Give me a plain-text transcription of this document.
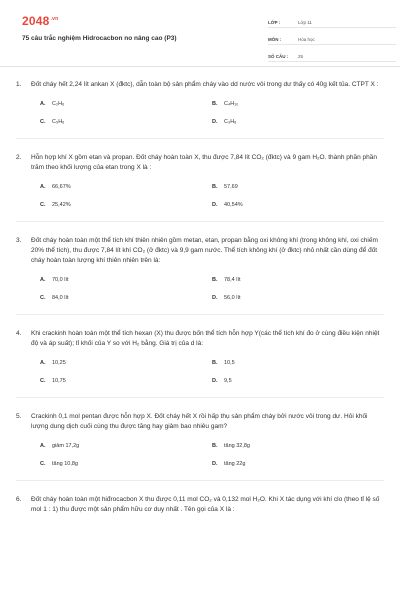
$2048^{.vn}$
75 câu trắc nghiệm Hidrocacbon no nâng cao (P3)
LỚP :	Lớp 11
MÔN :	Hóa học
SỐ CÂU :	25
1.	Đốt cháy hết 2,24 lít ankan X (đktc), dẫn toàn bộ sản phẩm cháy vào dd nước vôi trong dư thấy có 40g kết tủa. CTPT X :
A.	C₂H₆	B.	C₄H₁₀
C.	C₅H₆	D.	C₃H₈
2.	Hỗn hợp khí X gồm etan và propan. Đốt cháy hoàn toàn X, thu được 7,84 lít CO₂ (đktc) và 9 gam H₂O. thành phần phần trăm theo khối lượng của etan trong X là :
A.	66,67%	B.	57,69
C.	25,42%	D.	40,54%
3.	Đốt cháy hoàn toàn một thể tích khí thiên nhiên gồm metan, etan, propan bằng oxi không khí (trong không khí, oxi chiếm 20% thể tích), thu được 7,84 lít khí CO₂ (ở đktc) và 9,9 gam nước. Thể tích không khí (ở đktc) nhỏ nhất cần dùng để đốt cháy hoàn toàn lượng khí thiên nhiên trên là:
A.	70,0 lít	B.	78,4 lít
C.	84,0 lít	D.	56,0 lít
4.	Khi crackinh hoàn toàn một thể tích hexan (X) thu được bốn thể tích hỗn hợp Y(các thể tích khí đo ở cùng điều kiện nhiệt độ và áp suất); tỉ khối của Y so với H₂ bằng. Giá trị của d là:
A.	10,25	B.	10,5
C.	10,75	D.	9,5
5.	Crackinh 0,1 mol pentan được hỗn hợp X. Đốt cháy hết X rồi hấp thụ sản phẩm cháy bởi nước vôi trong dư. Hỏi khối lượng dung dịch cuối cùng thu được tăng hay giảm bao nhiêu gam?
A.	giảm 17,2g	B.	tăng 32,8g
C.	tăng 10,8g	D.	tăng 22g
6.	Đốt cháy hoàn toàn một hiđrocacbon X thu được 0,11 mol CO₂ và 0,132 mol H₂O. Khi X tác dụng với khí clo (theo tỉ lệ số mol 1 : 1) thu được một sản phẩm hữu cơ duy nhất . Tên gọi của X là :
